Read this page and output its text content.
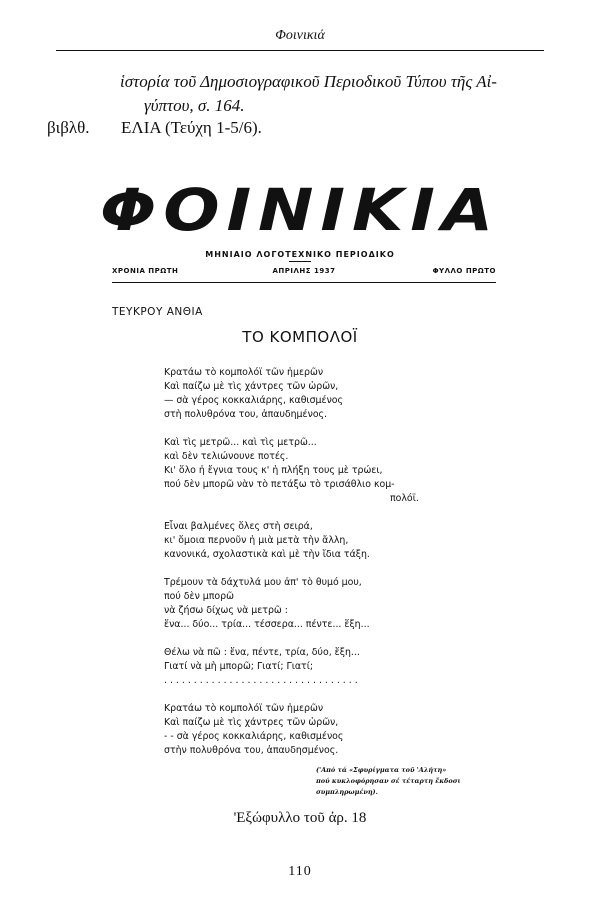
Φοινικιά
ἱστορία τοῦ Δημοσιογραφικοῦ Περιοδικοῦ Τύπου τῆς Αἰ-
γύπτου, σ. 164.
βιβλθ. ΕΛΙΑ (Τεύχη 1-5/6).
ΦΟΙΝΙΚΙΑ
ΜΗΝΙΑΙΟ ΛΟΓΟΤΕΧΝΙΚΟ ΠΕΡΙΟΔΙΚΟ
ΧΡΟΝΙΑ ΠΡΩΤΗ	ΑΠΡΙΛΗΣ 1937	ΦΥΛΛΟ ΠΡΩΤΟ
ΤΕΥΚΡΟΥ ΑΝΘΙΑ
ΤΟ ΚΟΜΠΟΛΟΪ
Κρατάω τὸ κομπολόϊ τῶν ἡμερῶν
Καὶ παίζω μὲ τὶς χάντρες τῶν ὡρῶν,
— σὰ γέρος κοκκαλιάρης, καθισμένος
στὴ πολυθρόνα του, ἀπαυδημένος.
Καὶ τὶς μετρῶ... καὶ τὶς μετρῶ...
καὶ δὲν τελιώνουνε ποτές.
Κι' ὅλο ἡ ἔγνια τους κ' ἡ πλήξη τους μὲ τρώει,
πού δὲν μπορῶ νὰν τὸ πετάξω τὸ τρισάθλιο κομ-
πολόϊ.
Εἶναι βαλμένες ὅλες στὴ σειρά,
κι' ὅμοια περνοῦν ἡ μιὰ μετὰ τὴν ἄλλη,
κανονικά, σχολαστικὰ καὶ μὲ τὴν ἴδια τάξη.
Τρέμουν τὰ δάχτυλά μου ἀπ' τὸ θυμό μου,
πού δὲν μπορῶ
νὰ ζήσω δίχως νὰ μετρῶ :
ἕνα... δύο... τρία... τέσσερα... πέντε... ἕξη...
Θέλω νὰ πῶ : ἕνα, πέντε, τρία, δύο, ἕξη...
Γιατί νὰ μὴ μπορῶ; Γιατί; Γιατί;
. . . . . . . . . . . . . . . . . . . . . . . . . . . . . . . . .
Κρατάω τὸ κομπολόϊ τῶν ἡμερῶν
Καὶ παίζω μὲ τὶς χάντρες τῶν ὡρῶν,
- - σὰ γέρος κοκκαλιάρης, καθισμένος
στὴν πολυθρόνα του, ἀπαυδησμένος.
('Από τά «Σφυρίγματα τοῦ 'Αλήτη»
πού κυκλοφόρησαν σέ τέταρτη ἔκδοσι
συμπληρωμένη).
'Εξώφυλλο τοῦ ἀρ. 18
110
